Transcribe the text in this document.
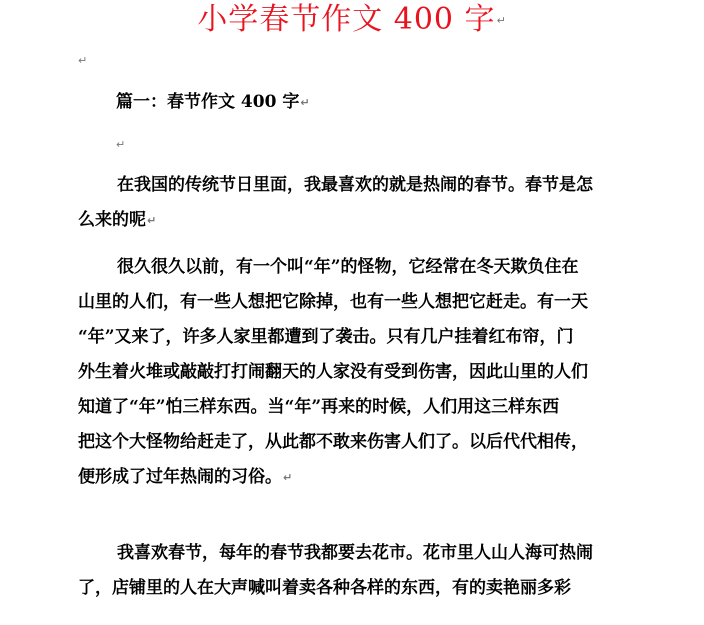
小学春节作文 400 字↵
↵
篇一：春节作文 400 字↵
↵
在我国的传统节日里面，我最喜欢的就是热闹的春节。春节是怎
么来的呢↵
很久很久以前，有一个叫“年”的怪物，它经常在冬天欺负住在
山里的人们，有一些人想把它除掉，也有一些人想把它赶走。有一天
“年”又来了，许多人家里都遭到了袭击。只有几户挂着红布帘，门
外生着火堆或敲敲打打闹翻天的人家没有受到伤害，因此山里的人们
知道了“年”怕三样东西。当“年”再来的时候，人们用这三样东西
把这个大怪物给赶走了，从此都不敢来伤害人们了。以后代代相传，
便形成了过年热闹的习俗。↵
我喜欢春节，每年的春节我都要去花市。花市里人山人海可热闹
了，店铺里的人在大声喊叫着卖各种各样的东西，有的卖艳丽多彩
